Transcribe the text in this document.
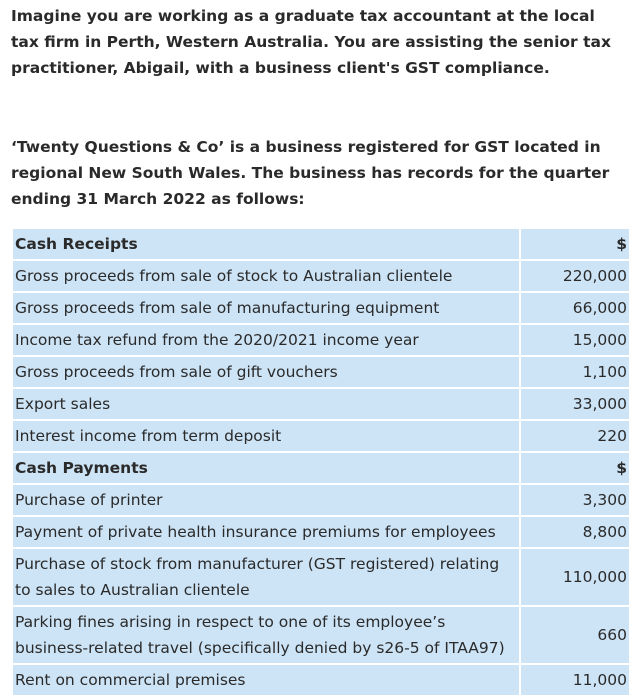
Imagine you are working as a graduate tax accountant at the local tax firm in Perth, Western Australia. You are assisting the senior tax practitioner, Abigail, with a business client's GST compliance.

‘Twenty Questions & Co’ is a business registered for GST located in regional New South Wales. The business has records for the quarter ending 31 March 2022 as follows:

Cash Receipts	$
Gross proceeds from sale of stock to Australian clientele	220,000
Gross proceeds from sale of manufacturing equipment	66,000
Income tax refund from the 2020/2021 income year	15,000
Gross proceeds from sale of gift vouchers	1,100
Export sales	33,000
Interest income from term deposit	220
Cash Payments	$
Purchase of printer	3,300
Payment of private health insurance premiums for employees	8,800
Purchase of stock from manufacturer (GST registered) relating to sales to Australian clientele	110,000
Parking fines arising in respect to one of its employee’s business-related travel (specifically denied by s26-5 of ITAA97)	660
Rent on commercial premises	11,000
